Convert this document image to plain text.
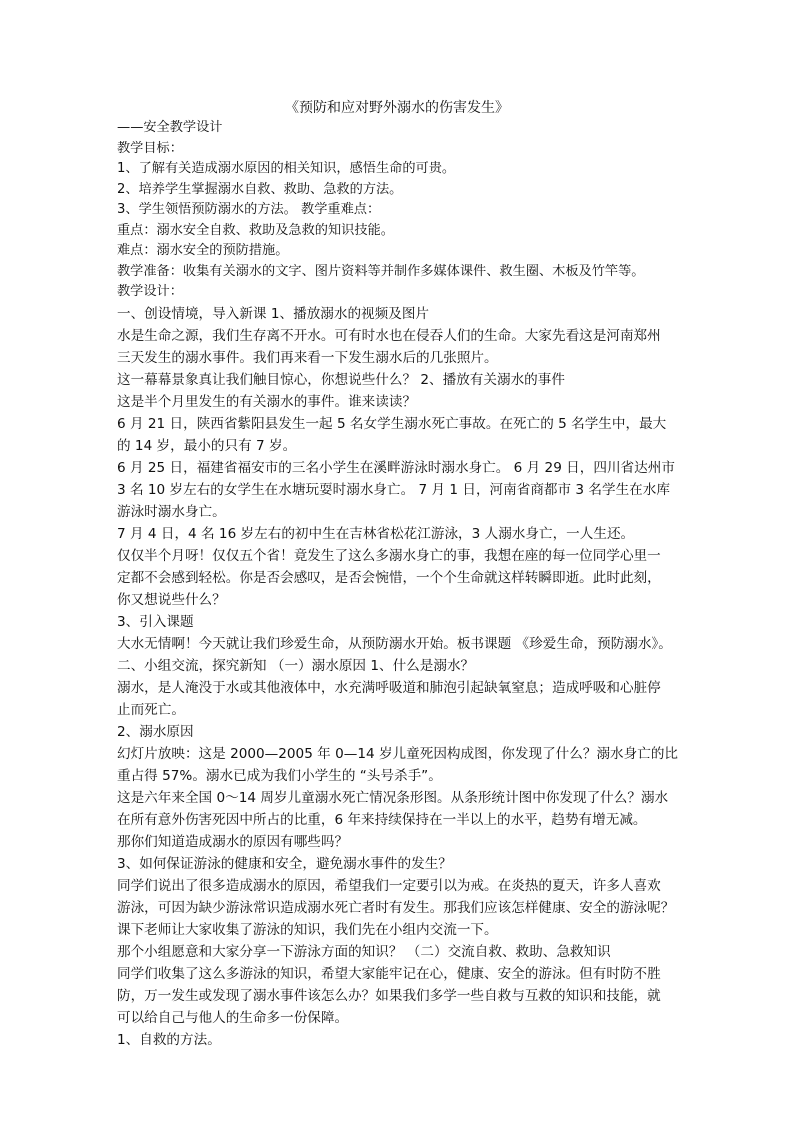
《预防和应对野外溺水的伤害发生》
——安全教学设计
教学目标：
1、了解有关造成溺水原因的相关知识，感悟生命的可贵。
2、培养学生掌握溺水自救、救助、急救的方法。
3、学生领悟预防溺水的方法。 教学重难点：
重点：溺水安全自救、救助及急救的知识技能。
难点：溺水安全的预防措施。
教学准备：收集有关溺水的文字、图片资料等并制作多媒体课件、救生圈、木板及竹竿等。
教学设计：
一、创设情境，导入新课 1、播放溺水的视频及图片
水是生命之源，我们生存离不开水。可有时水也在侵吞人们的生命。大家先看这是河南郑州
三天发生的溺水事件。我们再来看一下发生溺水后的几张照片。
这一幕幕景象真让我们触目惊心，你想说些什么？ 2、播放有关溺水的事件
这是半个月里发生的有关溺水的事件。谁来读读？
6 月 21 日，陕西省紫阳县发生一起 5 名女学生溺水死亡事故。在死亡的 5 名学生中，最大
的 14 岁，最小的只有 7 岁。
6 月 25 日，福建省福安市的三名小学生在溪畔游泳时溺水身亡。 6 月 29 日，四川省达州市
3 名 10 岁左右的女学生在水塘玩耍时溺水身亡。 7 月 1 日，河南省商都市 3 名学生在水库
游泳时溺水身亡。
7 月 4 日，4 名 16 岁左右的初中生在吉林省松花江游泳，3 人溺水身亡，一人生还。
仅仅半个月呀！仅仅五个省！竟发生了这么多溺水身亡的事，我想在座的每一位同学心里一
定都不会感到轻松。你是否会感叹，是否会惋惜，一个个生命就这样转瞬即逝。此时此刻，
你又想说些什么？
3、引入课题
大水无情啊！今天就让我们珍爱生命，从预防溺水开始。板书课题 《珍爱生命，预防溺水》。
二、小组交流，探究新知 （一）溺水原因 1、什么是溺水？
溺水，是人淹没于水或其他液体中，水充满呼吸道和肺泡引起缺氧窒息；造成呼吸和心脏停
止而死亡。
2、溺水原因
幻灯片放映：这是 2000—2005 年 0—14 岁儿童死因构成图，你发现了什么？溺水身亡的比
重占得 57%。溺水已成为我们小学生的 “头号杀手”。
这是六年来全国 0～14 周岁儿童溺水死亡情况条形图。从条形统计图中你发现了什么？溺水
在所有意外伤害死因中所占的比重，6 年来持续保持在一半以上的水平，趋势有增无减。
那你们知道造成溺水的原因有哪些吗？
3、如何保证游泳的健康和安全，避免溺水事件的发生？
同学们说出了很多造成溺水的原因，希望我们一定要引以为戒。在炎热的夏天，许多人喜欢
游泳，可因为缺少游泳常识造成溺水死亡者时有发生。那我们应该怎样健康、安全的游泳呢？
课下老师让大家收集了游泳的知识，我们先在小组内交流一下。
那个小组愿意和大家分享一下游泳方面的知识？ （二）交流自救、救助、急救知识
同学们收集了这么多游泳的知识，希望大家能牢记在心，健康、安全的游泳。但有时防不胜
防，万一发生或发现了溺水事件该怎么办？如果我们多学一些自救与互救的知识和技能，就
可以给自己与他人的生命多一份保障。
1、自救的方法。
